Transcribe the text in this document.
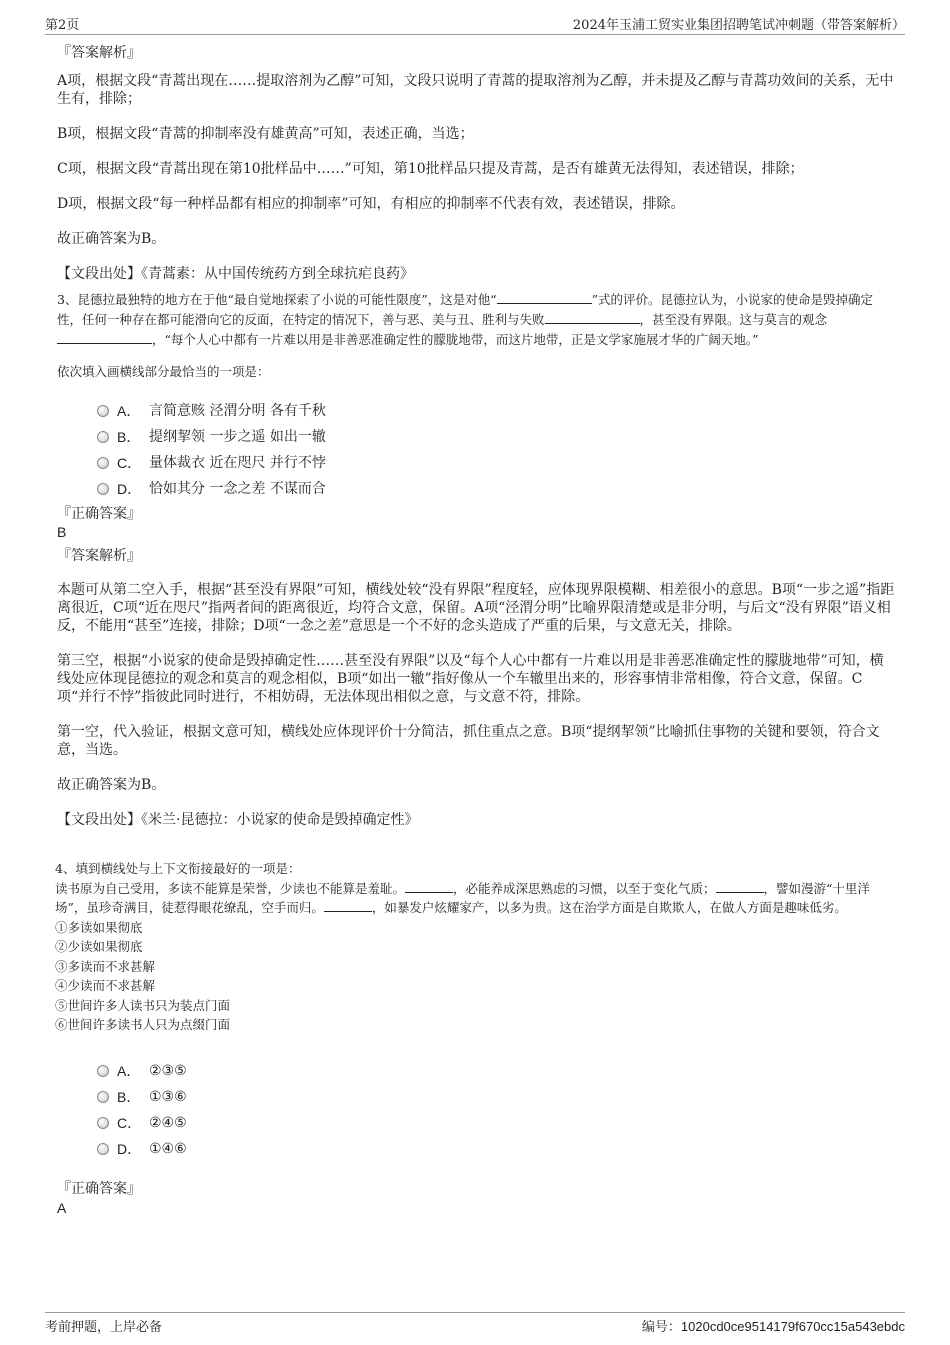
第2页	2024年玉浦工贸实业集团招聘笔试冲刺题（带答案解析）
『答案解析』
A项，根据文段“青蒿出现在……提取溶剂为乙醇”可知，文段只说明了青蒿的提取溶剂为乙醇，并未提及乙醇与青蒿功效间的关系，无中生有，排除；
B项，根据文段“青蒿的抑制率没有雄黄高”可知，表述正确，当选；
C项，根据文段“青蒿出现在第10批样品中……”可知，第10批样品只提及青蒿，是否有雄黄无法得知，表述错误，排除；
D项，根据文段“每一种样品都有相应的抑制率”可知，有相应的抑制率不代表有效，表述错误，排除。
故正确答案为B。
【文段出处】《青蒿素：从中国传统药方到全球抗疟良药》
3、昆德拉最独特的地方在于他“最自觉地探索了小说的可能性限度”，这是对他“	”式的评价。昆德拉认为，小说家的使命是毁掉确定性，任何一种存在都可能滑向它的反面，在特定的情况下，善与恶、美与丑、胜利与失败	，甚至没有界限。这与莫言的观念，“每个人心中都有一片难以用是非善恶准确定性的朦胧地带，而这片地带，正是文学家施展才华的广阔天地。”
依次填入画横线部分最恰当的一项是：
A． 言简意赅 泾渭分明 各有千秋
B． 提纲挈领 一步之遥 如出一辙
C． 量体裁衣 近在咫尺 并行不悖
D． 恰如其分 一念之差 不谋而合
『正确答案』
B
『答案解析』
本题可从第二空入手，根据“甚至没有界限”可知，横线处较“没有界限”程度轻，应体现界限模糊、相差很小的意思。B项“一步之遥”指距离很近，C项“近在咫尺”指两者间的距离很近，均符合文意，保留。A项“泾渭分明”比喻界限清楚或是非分明，与后文“没有界限”语义相反，不能用“甚至”连接，排除；D项“一念之差”意思是一个不好的念头造成了严重的后果，与文意无关，排除。
第三空，根据“小说家的使命是毁掉确定性……甚至没有界限”以及“每个人心中都有一片难以用是非善恶准确定性的朦胧地带”可知，横线处应体现昆德拉的观念和莫言的观念相似，B项“如出一辙”指好像从一个车辙里出来的，形容事情非常相像，符合文意，保留。C项“并行不悖”指彼此同时进行，不相妨碍，无法体现出相似之意，与文意不符，排除。
第一空，代入验证，根据文意可知，横线处应体现评价十分简洁，抓住重点之意。B项“提纲挈领”比喻抓住事物的关键和要领，符合文意，当选。
故正确答案为B。
【文段出处】《米兰·昆德拉：小说家的使命是毁掉确定性》
4、填到横线处与上下文衔接最好的一项是：
读书原为自己受用，多读不能算是荣誉，少读也不能算是羞耻。	，必能养成深思熟虑的习惯，以至于变化气质；	，譬如漫游“十里洋场”，虽珍奇满目，徒惹得眼花缭乱，空手而归。	，如暴发户炫耀家产，以多为贵。这在治学方面是自欺欺人，在做人方面是趣味低劣。
①多读如果彻底
②少读如果彻底
③多读而不求甚解
④少读而不求甚解
⑤世间许多人读书只为装点门面
⑥世间许多读书人只为点缀门面
A． ②③⑤
B． ①③⑥
C． ②④⑤
D． ①④⑥
『正确答案』
A
考前押题，上岸必备	编号：1020cd0ce9514179f670cc15a543ebdc
